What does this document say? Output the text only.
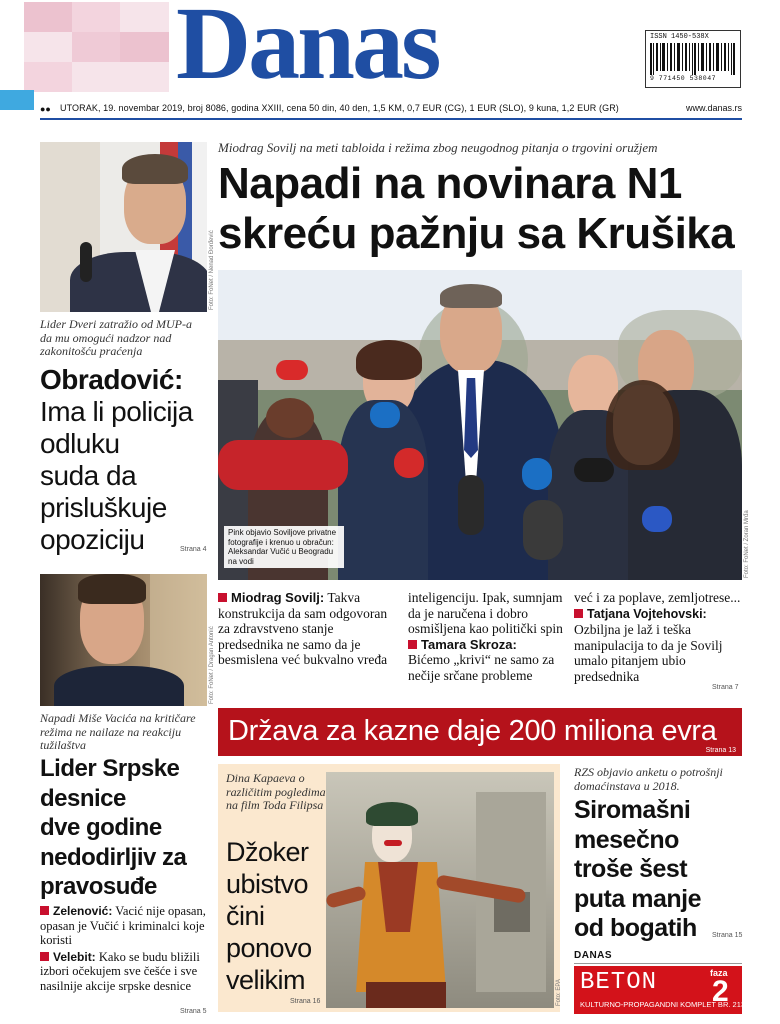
Danas	ISSN 1450-538X
9 771450 538047
●● UTORAK, 19. novembar 2019, broj 8086, godina XXIII, cena 50 din, 40 den, 1,5 KM, 0,7 EUR (CG), 1 EUR (SLO), 9 kuna, 1,2 EUR (GR)	www.danas.rs
Foto: FoNet / Nenad Đorđević
Lider Dveri zatražio od MUP-a da mu omogući nadzor nad zakonitošću praćenja
Obradović:
Ima li policija
odluku
suda da
prisluškuje
opoziciju	Strana 4
Miodrag Sovilj na meti tabloida i režima zbog neugodnog pitanja o trgovini oružjem
Napadi na novinara N1
skreću pažnju sa Krušika
Pink objavio Soviljove privatne fotografije i krenuo u obračun: Aleksandar Vučić u Beogradu na vodi	Foto: FoNet / Zoran Mrđa
Miodrag Sovilj: Takva konstrukcija da sam odgovoran za zdravstveno stanje predsednika ne samo da je besmislena već bukvalno vređa
inteligenciju. Ipak, sumnjam da je naručena i dobro osmišljena kao politički spin
Tamara Skroza:
Bićemo „krivi“ ne samo za nečije srčane probleme
već i za poplave, zemljotrese...
Tatjana Vojtehovski:
Ozbiljna je laž i teška manipulacija to da je Sovilj umalo pitanjem ubio predsednika
Strana 7
Foto: FoNet / Dragan Antonić
Napadi Miše Vacića na kritičare režima ne nailaze na reakciju tužilaštva
Lider Srpske
desnice
dve godine
nedodirljiv za
pravosuđe
Zelenović: Vacić nije opasan, opasan je Vučić i kriminalci koje koristi
Velebit: Kako se budu bližili izbori očekujem sve češće i sve nasilnije akcije srpske desnice
Strana 5
Država za kazne daje 200 miliona evra
Strana 13
Dina Kapaeva o različitim pogledima na film Toda Filipsa
Džoker
ubistvo
čini
ponovo
velikim
Strana 16	Foto: EPA
RZS objavio anketu o potrošnji domaćinstava u 2018.
Siromašni
mesečno
troše šest
puta manje
od bogatih	Strana 15
DANAS
BETON	faza
2
KULTURNO-PROPAGANDNI KOMPLET BR. 213
